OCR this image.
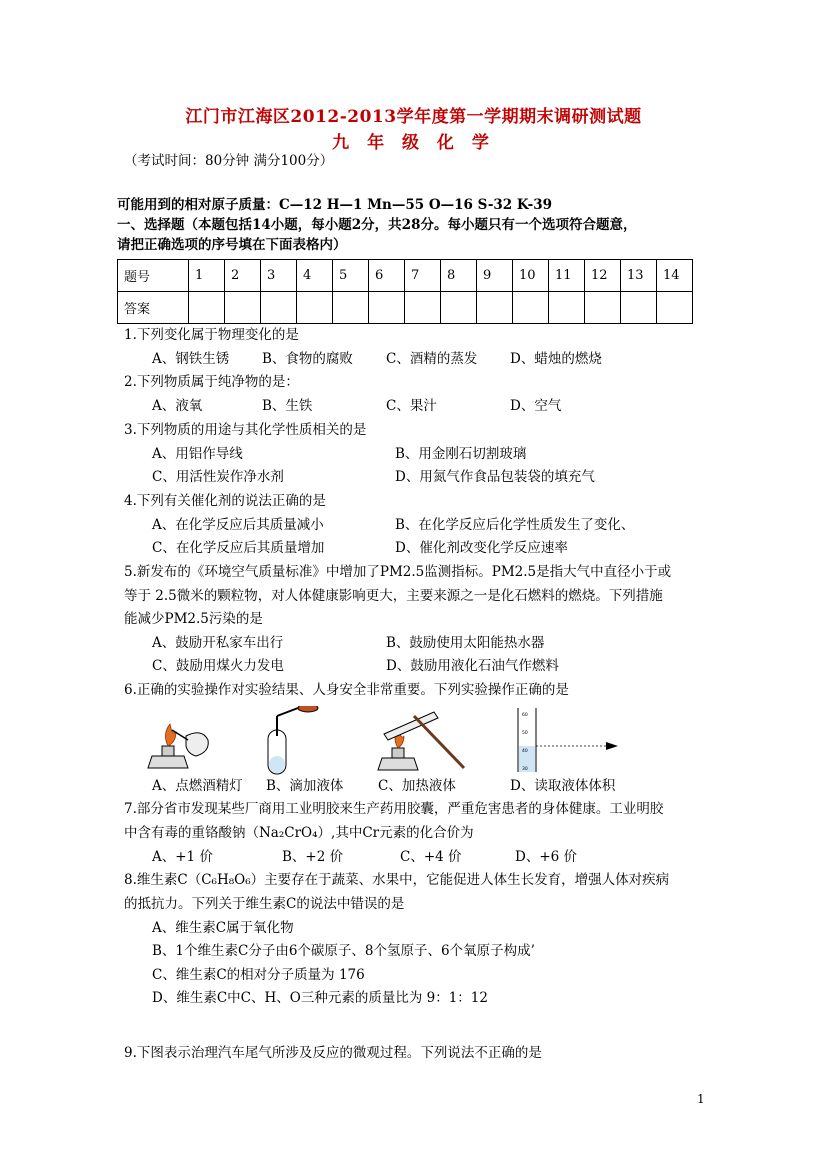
江门市江海区2012-2013学年度第一学期期末调研测试题
九 年 级 化 学
（考试时间：80分钟 满分100分）
可能用到的相对原子质量：C—12 H—1 Mn—55 O—16 S-32 K-39
一、选择题（本题包括14小题，每小题2分，共28分。每小题只有一个选项符合题意，
请把正确选项的序号填在下面表格内）
题号	1	2	3	4	5	6	7	8	9	10	11	12	13	14
答案														
1.下列变化属于物理变化的是
A、钢铁生锈 B、食物的腐败 C、酒精的蒸发 D、蜡烛的燃烧
2.下列物质属于纯净物的是：
A、液氧	B、生铁	C、果汁	D、空气
3.下列物质的用途与其化学性质相关的是
A、用铝作导线	B、用金刚石切割玻璃
C、用活性炭作净水剂	D、用氮气作食品包装袋的填充气
4.下列有关催化剂的说法正确的是
A、在化学反应后其质量减小	B、在化学反应后化学性质发生了变化、
C、在化学反应后其质量增加	D、催化剂改变化学反应速率
5.新发布的《环境空气质量标准》中增加了PM2.5监测指标。PM2.5是指大气中直径小于或
等于 2.5微米的颗粒物，对人体健康影响更大，主要来源之一是化石燃料的燃烧。下列措施
能减少PM2.5污染的是
A、鼓励开私家车出行	B、鼓励使用太阳能热水器
C、鼓励用煤火力发电	D、鼓励用液化石油气作燃料
6.正确的实验操作对实验结果、人身安全非常重要。下列实验操作正确的是
60
50
40
30
A、点燃酒精灯 B、滴加液体	C、加热液体	D、读取液体体积
7.部分省市发现某些厂商用工业明胶来生产药用胶囊，严重危害患者的身体健康。工业明胶
中含有毒的重铬酸钠（Na₂CrO₄）,其中Cr元素的化合价为
A、+1 价	B、+2 价	C、+4 价	D、+6 价
8.维生素C（C₆H₈O₆）主要存在于蔬菜、水果中，它能促进人体生长发育，增强人体对疾病
的抵抗力。下列关于维生素C的说法中错误的是
A、维生素C属于氧化物
B、1个维生素C分子由6个碳原子、8个氢原子、6个氧原子构成’
C、维生素C的相对分子质量为 176
D、维生素C中C、H、O三种元素的质量比为 9：1：12
9.下图表示治理汽车尾气所涉及反应的微观过程。下列说法不正确的是
1
